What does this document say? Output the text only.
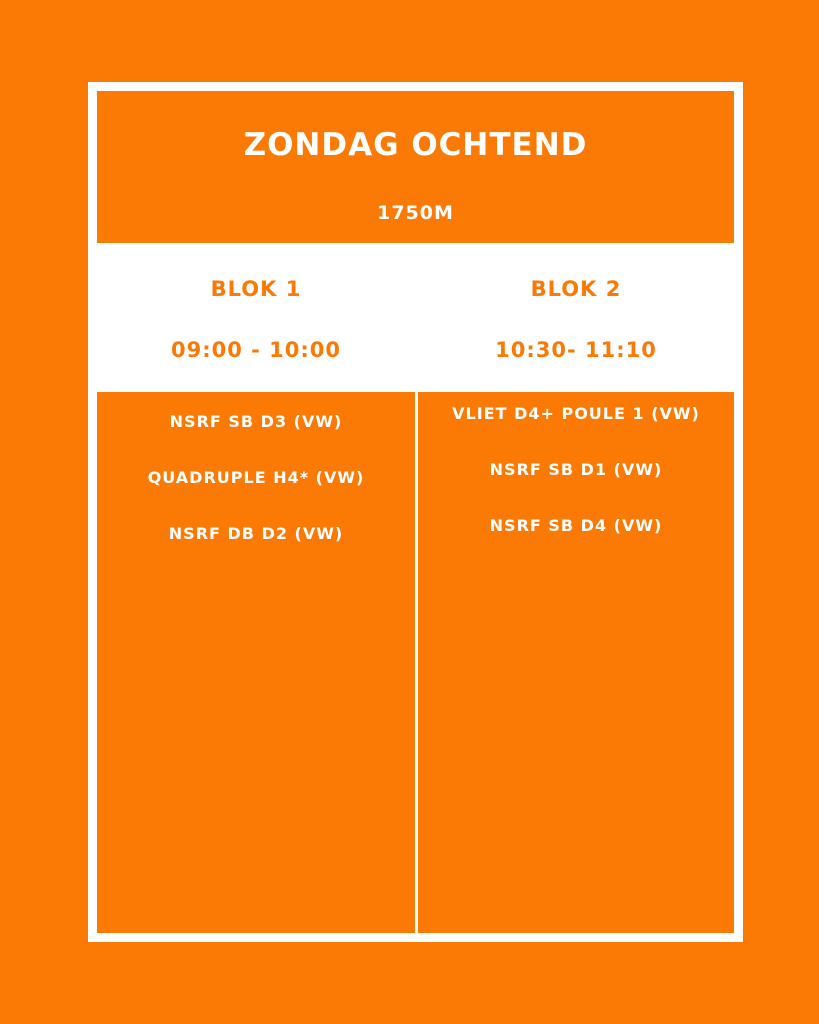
ZONDAG OCHTEND
1750M
BLOK 1
09:00 - 10:00
BLOK 2
10:30- 11:10
NSRF SB D3 (VW)
QUADRUPLE H4* (VW)
NSRF DB D2 (VW)
VLIET D4+ POULE 1 (VW)
NSRF SB D1 (VW)
NSRF SB D4 (VW)
